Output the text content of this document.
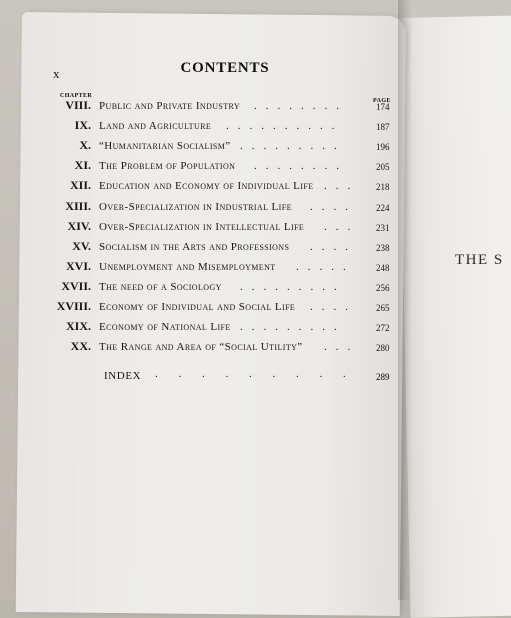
THE S
x	CONTENTS
CHAPTER
PAGE
VIII. Public and Private Industry ........	174
IX. Land and Agriculture ..........	187
X. “Humanitarian Socialism” .........	196
XI. The Problem of Population ........	205
XII. Education and Economy of Individual Life ... 218
XIII. Over-Specialization in Industrial Life .... 224
XIV. Over-Specialization in Intellectual Life ... 231
XV. Socialism in the Arts and Professions .... 238
XVI. Unemployment and Misemployment ..... 248
XVII. The need of a Sociology .........	256
XVIII. Economy of Individual and Social Life .... 265
XIX. Economy of National Life .........	272
XX. The Range and Area of “Social Utility” ... 280
INDEX . . . . . . . . . 289
